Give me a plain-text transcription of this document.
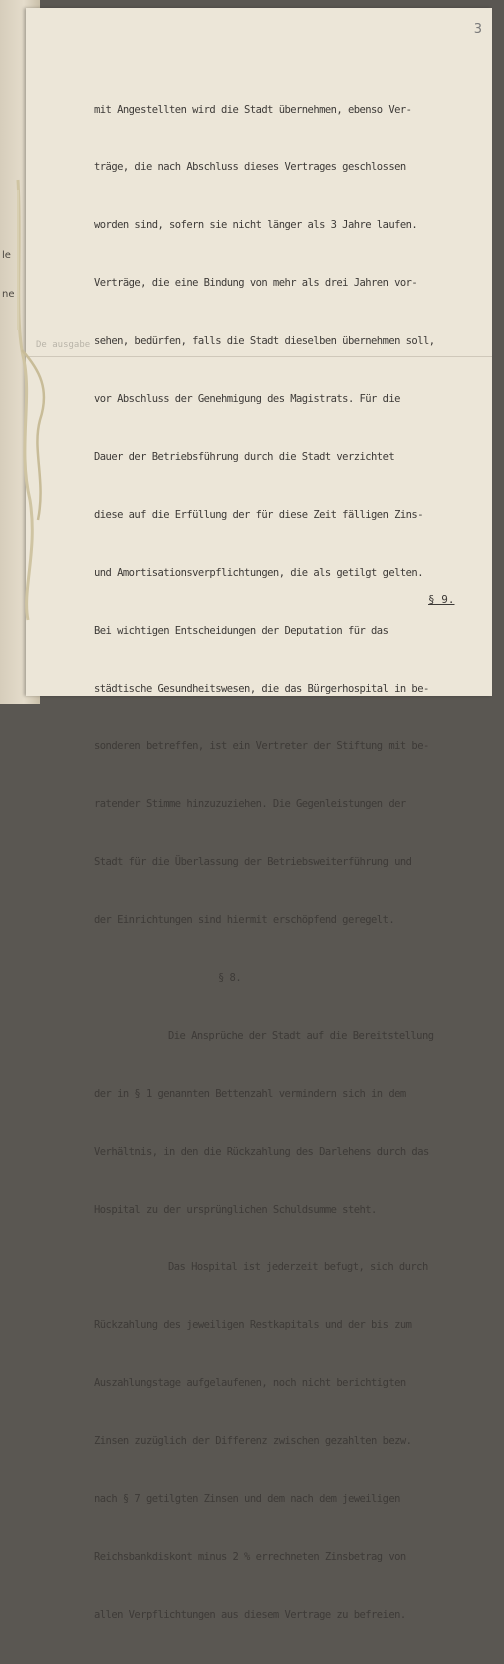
le
ne
3
De ausgabe

mit Angestellten wird die Stadt übernehmen, ebenso Ver-

träge, die nach Abschluss dieses Vertrages geschlossen

worden sind, sofern sie nicht länger als 3 Jahre laufen.

Verträge, die eine Bindung von mehr als drei Jahren vor-

sehen, bedürfen, falls die Stadt dieselben übernehmen soll,

vor Abschluss der Genehmigung des Magistrats. Für die

Dauer der Betriebsführung durch die Stadt verzichtet

diese auf die Erfüllung der für diese Zeit fälligen Zins-

und Amortisationsverpflichtungen, die als getilgt gelten.

Bei wichtigen Entscheidungen der Deputation für das

städtische Gesundheitswesen, die das Bürgerhospital in be-

sonderen betreffen, ist ein Vertreter der Stiftung mit be-

ratender Stimme hinzuzuziehen. Die Gegenleistungen der

Stadt für die Überlassung der Betriebsweiterführung und

der Einrichtungen sind hiermit erschöpfend geregelt.

§ 8.

Die Ansprüche der Stadt auf die Bereitstellung

der in § 1 genannten Bettenzahl vermindern sich in dem

Verhältnis, in den die Rückzahlung des Darlehens durch das

Hospital zu der ursprünglichen Schuldsumme steht.

Das Hospital ist jederzeit befugt, sich durch

Rückzahlung des jeweiligen Restkapitals und der bis zum

Auszahlungstage aufgelaufenen, noch nicht berichtigten

Zinsen zuzüglich der Differenz zwischen gezahlten bezw.

nach § 7 getilgten Zinsen und dem nach dem jeweiligen

Reichsbankdiskont minus 2 % errechneten Zinsbetrag von

allen Verpflichtungen aus diesem Vertrage zu befreien.

§ 9.
